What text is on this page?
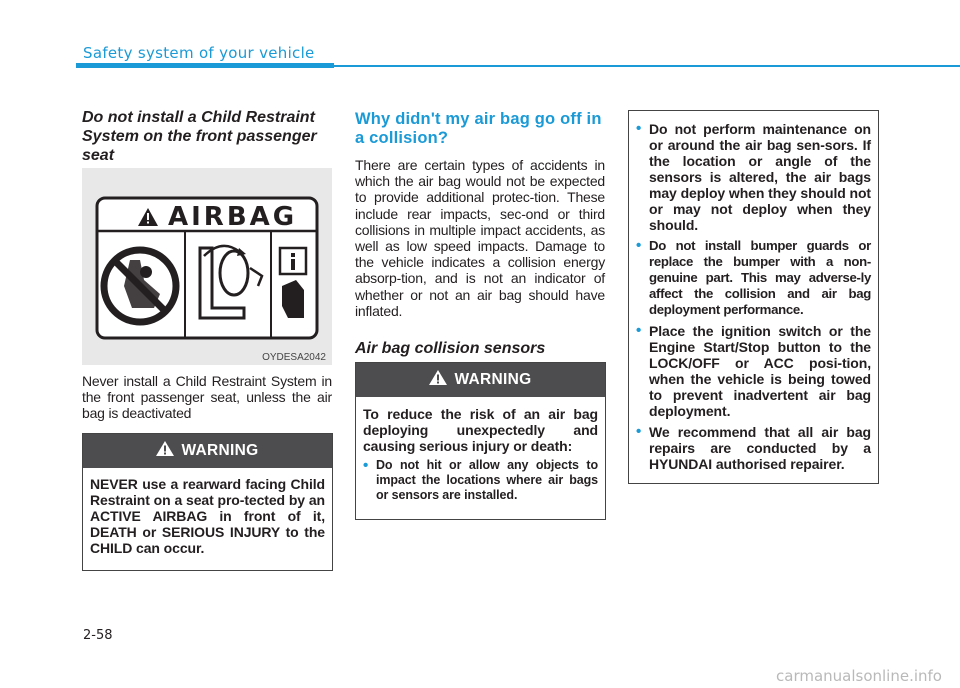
Safety system of your vehicle

Do not install a Child Restraint System on the front passenger seat

AIRBAG
OYDESA2042

Never install a Child Restraint System in the front passenger seat, unless the air bag is deactivated

WARNING
NEVER use a rearward facing Child Restraint on a seat pro-tected by an ACTIVE AIRBAG in front of it, DEATH or SERIOUS INJURY to the CHILD can occur.

Why didn't my air bag go off in a collision?

There are certain types of accidents in which the air bag would not be expected to provide additional protec-tion. These include rear impacts, sec-ond or third collisions in multiple impact accidents, as well as low speed impacts. Damage to the vehicle indicates a collision energy absorp-tion, and is not an indicator of whether or not an air bag should have inflated.

Air bag collision sensors

WARNING
To reduce the risk of an air bag deploying unexpectedly and causing serious injury or death:
• Do not hit or allow any objects to impact the locations where air bags or sensors are installed.
• Do not perform maintenance on or around the air bag sen-sors. If the location or angle of the sensors is altered, the air bags may deploy when they should not or may not deploy when they should.
• Do not install bumper guards or replace the bumper with a non-genuine part. This may adverse-ly affect the collision and air bag deployment performance.
• Place the ignition switch or the Engine Start/Stop button to the LOCK/OFF or ACC posi-tion, when the vehicle is being towed to prevent inadvertent air bag deployment.
• We recommend that all air bag repairs are conducted by a HYUNDAI authorised repairer.
2-58
carmanualsonline.info
